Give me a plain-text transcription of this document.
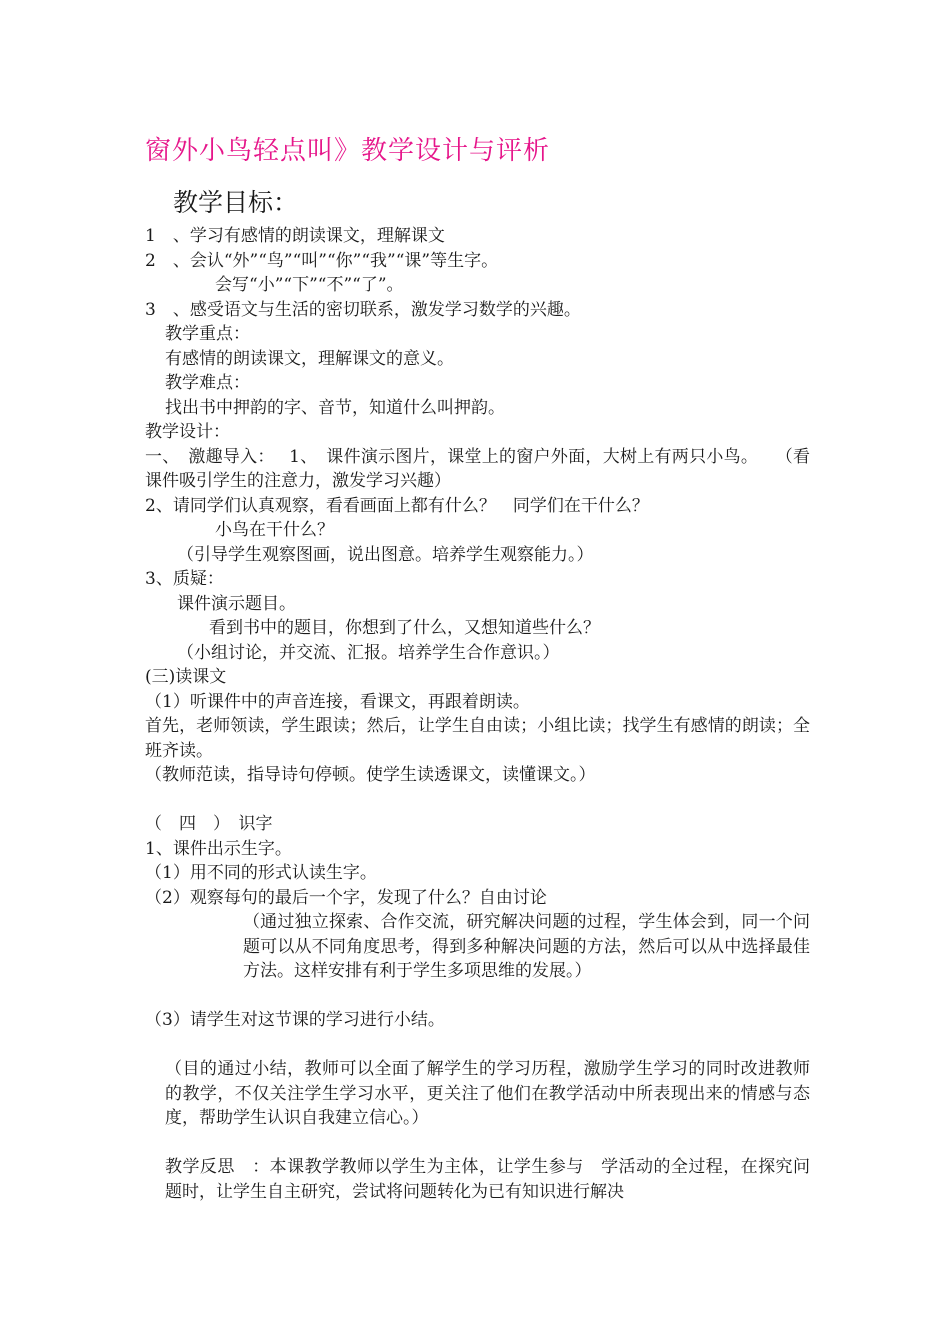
窗外小鸟轻点叫》教学设计与评析
教学目标：
1　、学习有感情的朗读课文，理解课文
2　、会认“外”“鸟”“叫”“你”“我”“课”等生字。
会写“小”“下”“不”“了”。
3　、感受语文与生活的密切联系，激发学习数学的兴趣。
教学重点：
有感情的朗读课文，理解课文的意义。
教学难点：
找出书中押韵的字、音节，知道什么叫押韵。
教学设计：
一、　激趣导入：　 1、　课件演示图片，课堂上的窗户外面，大树上有两只小鸟。　　（看课件吸引学生的注意力，激发学习兴趣）
2、请同学们认真观察，看看画面上都有什么？　同学们在干什么？
小鸟在干什么？
（引导学生观察图画，说出图意。培养学生观察能力。）
3、质疑：
课件演示题目。
看到书中的题目，你想到了什么，又想知道些什么？
（小组讨论，并交流、汇报。培养学生合作意识。）
(三)读课文
（1）听课件中的声音连接，看课文，再跟着朗读。
首先，老师领读，学生跟读；然后，让学生自由读；小组比读；找学生有感情的朗读；全班齐读。
（教师范读，指导诗句停顿。使学生读透课文，读懂课文。）
（　四　）　识字
1、课件出示生字。
（1）用不同的形式认读生字。
（2）观察每句的最后一个字，发现了什么？自由讨论
（通过独立探索、合作交流，研究解决问题的过程，学生体会到，同一个问题可以从不同角度思考，得到多种解决问题的方法，然后可以从中选择最佳方法。这样安排有利于学生多项思维的发展。）
（3）请学生对这节课的学习进行小结。
（目的通过小结，教师可以全面了解学生的学习历程，激励学生学习的同时改进教师的教学，不仅关注学生学习水平，更关注了他们在教学活动中所表现出来的情感与态度，帮助学生认识自我建立信心。）
教学反思　：本课教学教师以学生为主体，让学生参与　学活动的全过程，在探究问题时，让学生自主研究，尝试将问题转化为已有知识进行解决
